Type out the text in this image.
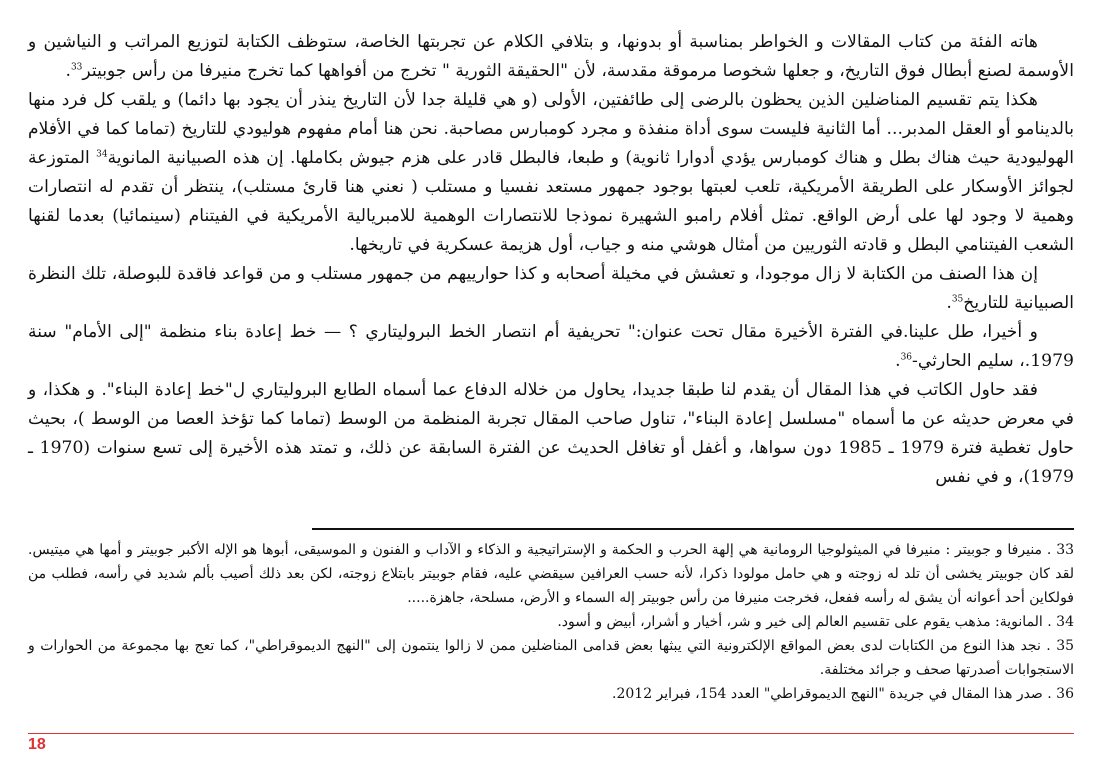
هاته الفئة من كتاب المقالات و الخواطر بمناسبة أو بدونها، و بتلافي الكلام عن تجربتها الخاصة، ستوظف الكتابة لتوزيع المراتب و النياشين و الأوسمة لصنع أبطال فوق التاريخ، و جعلها شخوصا مرموقة مقدسة، لأن "الحقيقة الثورية " تخرج من أفواهها كما تخرج منيرفا من رأس جوبيتر$^{33}$.

هكذا يتم تقسيم المناضلين الذين يحظون بالرضى إلى طائفتين، الأولى (و هي قليلة جدا لأن التاريخ ينذر أن يجود بها دائما) و يلقب كل فرد منها بالدينامو أو العقل المدبر... أما الثانية فليست سوى أداة منفذة و مجرد كومبارس مصاحبة. نحن هنا أمام مفهوم هوليودي للتاريخ (تماما كما في الأفلام الهوليودية حيث هناك بطل و هناك كومبارس يؤدي أدوارا ثانوية) و طبعا، فالبطل قادر على هزم جيوش بكاملها. إن هذه الصبيانية المانوية$^{34}$ المتوزعة لجوائز الأوسكار على الطريقة الأمريكية، تلعب لعبتها بوجود جمهور مستعد نفسيا و مستلب ( نعني هنا قارئ مستلب)، ينتظر أن تقدم له انتصارات وهمية لا وجود لها على أرض الواقع. تمثل أفلام رامبو الشهيرة نموذجا للانتصارات الوهمية للامبريالية الأمريكية في الفيتنام (سينمائيا) بعدما لقنها الشعب الفيتنامي البطل و قادته الثوريين من أمثال هوشي منه و جياب، أول هزيمة عسكرية في تاريخها.

إن هذا الصنف من الكتابة لا زال موجودا، و تعشش في مخيلة أصحابه و كذا حوارييهم من جمهور مستلب و من قواعد فاقدة للبوصلة، تلك النظرة الصبيانية للتاريخ$^{35}$.

و أخيرا، طل علينا.في الفترة الأخيرة مقال تحت عنوان:" تحريفية أم انتصار الخط البروليتاري ؟ — خط إعادة بناء منظمة "إلى الأمام" سنة 1979.، سليم الحارثي-$^{36}$.

فقد حاول الكاتب في هذا المقال أن يقدم لنا طبقا جديدا، يحاول من خلاله الدفاع عما أسماه الطابع البروليتاري ل"خط إعادة البناء". و هكذا، و في معرض حديثه عن ما أسماه "مسلسل إعادة البناء"، تناول صاحب المقال تجربة المنظمة من الوسط (تماما كما تؤخذ العصا من الوسط )، بحيث حاول تغطية فترة 1979 ـ 1985 دون سواها، و أغفل أو تغافل الحديث عن الفترة السابقة عن ذلك، و تمتد هذه الأخيرة إلى تسع سنوات (1970 ـ 1979)، و في نفس

33 . منيرفا و جوبيتر : منيرفا في الميثولوجيا الرومانية هي إلهة الحرب و الحكمة و الإستراتيجية و الذكاء و الآداب و الفنون و الموسيقى، أبوها هو الإله الأكبر جوبيتر و أمها هي ميتيس. لقد كان جوبيتر يخشى أن تلد له زوجته و هي حامل مولودا ذكرا، لأنه حسب العرافين سيقضي عليه، فقام جوبيتر بابتلاع زوجته، لكن بعد ذلك أصيب بألم شديد في رأسه، فطلب من فولكاين أحد أعوانه أن يشق له رأسه ففعل، فخرجت منيرفا من رأس جوبيتر إله السماء و الأرض، مسلحة، جاهزة.....

34 . المانوية: مذهب يقوم على تقسيم العالم إلى خير و شر، أخيار و أشرار، أبيض و أسود.

35 . نجد هذا النوع من الكتابات لدى بعض المواقع الإلكترونية التي يبثها بعض قدامى المناضلين ممن لا زالوا ينتمون إلى "النهج الديموقراطي"، كما تعج بها مجموعة من الحوارات و الاستجوابات أصدرتها صحف و جرائد مختلفة.

36 . صدر هذا المقال في جريدة "النهج الديموقراطي" العدد 154، فبراير 2012.

18
